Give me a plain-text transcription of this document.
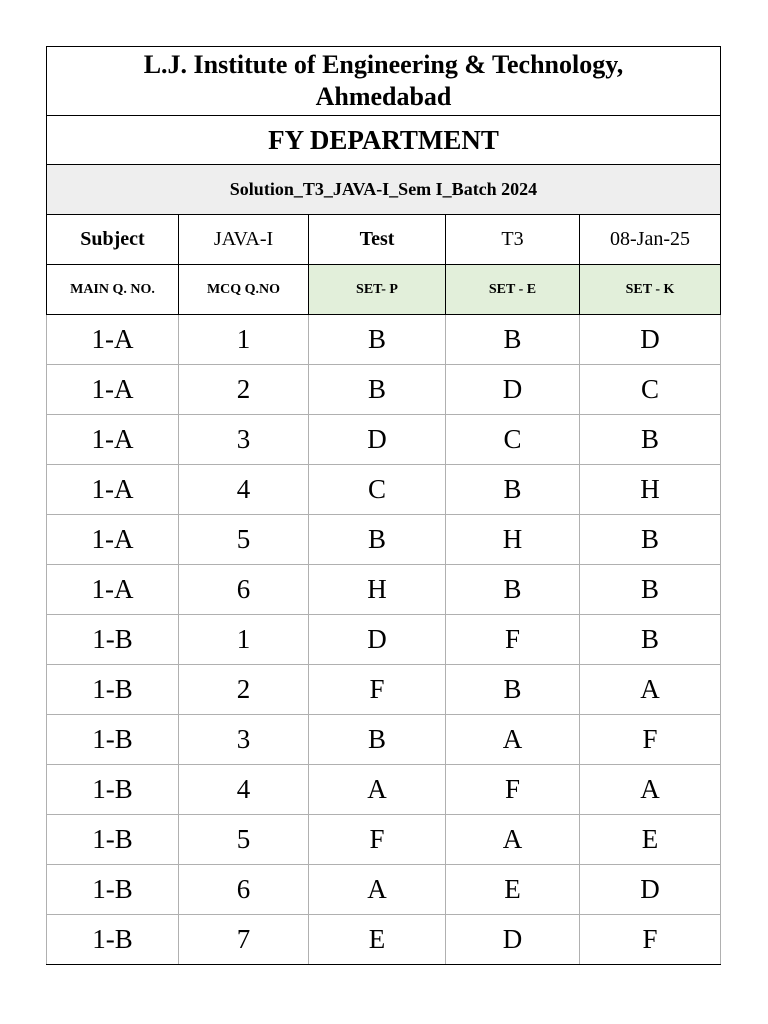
L.J. Institute of Engineering & Technology,
Ahmedabad				

FY DEPARTMENT				
Solution_T3_JAVA-I_Sem I_Batch 2024				
Subject	JAVA-I	Test	T3	08-Jan-25
MAIN Q. NO.	MCQ Q.NO	SET- P	SET - E	SET - K
1-A	1	B	B	D
1-A	2	B	D	C
1-A	3	D	C	B
1-A	4	C	B	H
1-A	5	B	H	B
1-A	6	H	B	B
1-B	1	D	F	B
1-B	2	F	B	A
1-B	3	B	A	F
1-B	4	A	F	A
1-B	5	F	A	E
1-B	6	A	E	D
1-B	7	E	D	F
